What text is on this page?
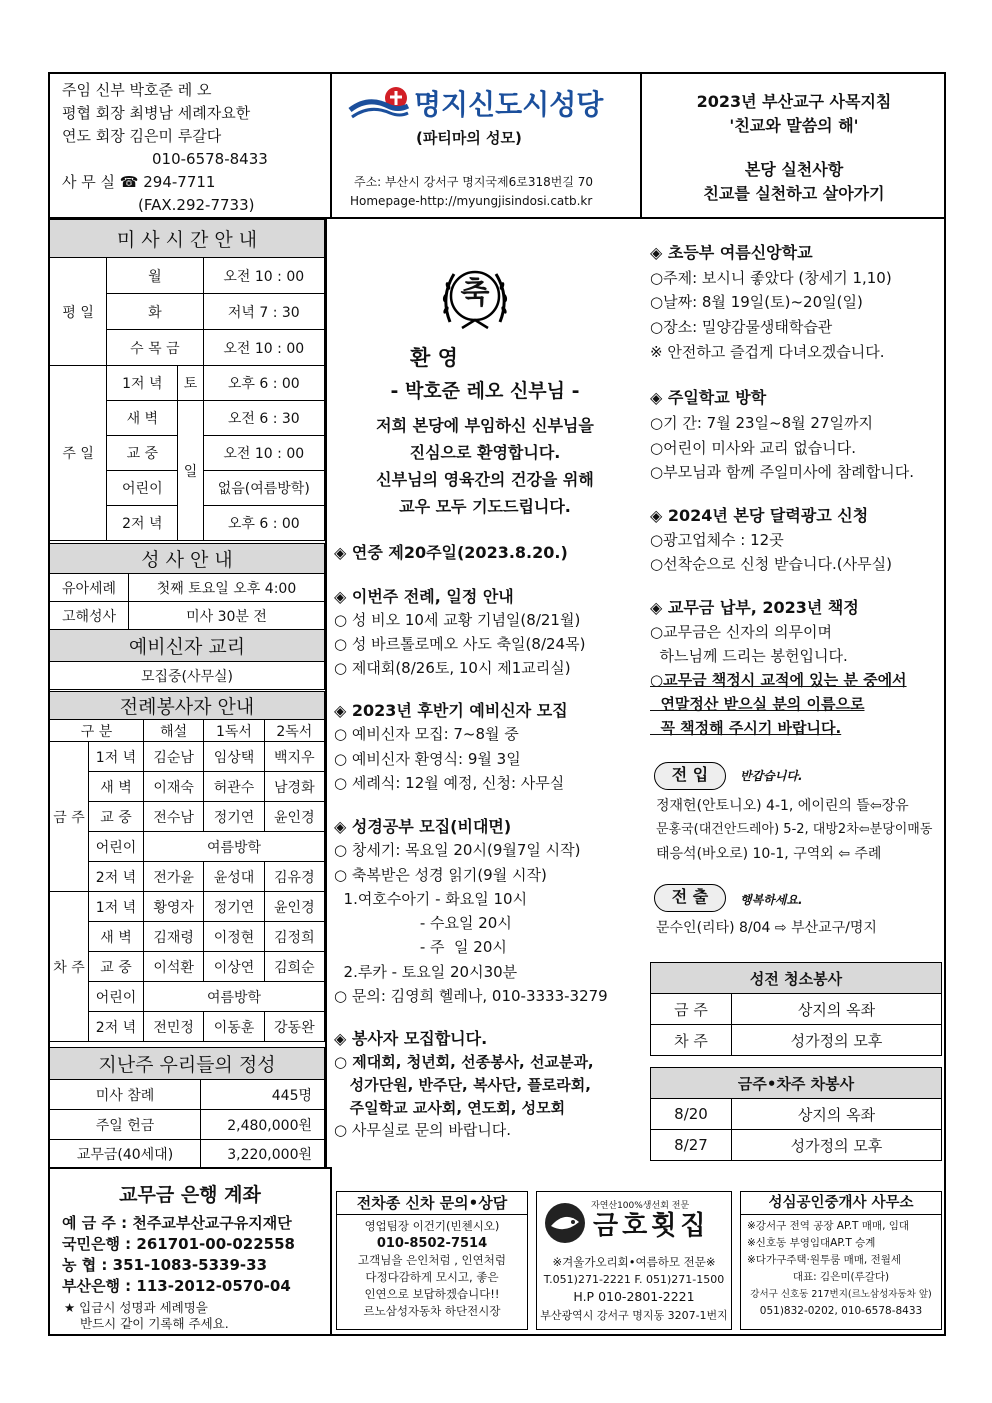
주임 신부 박호준 레 오
평협 회장 최병남 세례자요한
연도 회장 김은미 루갈다
010-6578-8433
사 무 실 ☎ 294-7711
(FAX.292-7733)
명지신도시성당
(파티마의 성모)
주소: 부산시 강서구 명지국제6로318번길 70
Homepage-http://myungjisindosi.catb.kr
2023년 부산교구 사목지침
'친교와 말씀의 해'
본당 실천사항
친교를 실천하고 살아가기
미 사 시 간 안 내			
평 일	월		오전 10 : 00
	화		저녁 7 : 30
	수 목 금		오전 10 : 00
주 일	1저 녁	토	오후 6 : 00
	새 벽	일	오전 6 : 30
	교 중		오전 10 : 00
	어린이		없음(여름방학)
	2저 녁		오후 6 : 00
성 사 안 내	
유아세례	첫째 토요일 오후 4:00
고해성사	미사 30분 전
예비신자 교리	
모집중(사무실)	
전례봉사자 안내				
구 분		해설	1독서	2독서
금 주	1저 녁	김순남	임상택	백지우
	새 벽	이재숙	허관수	남경화
	교 중	전수남	정기연	윤인경
	어린이	여름방학		
	2저 녁	전가윤	윤성대	김유경
차 주	1저 녁	황영자	정기연	윤인경
	새 벽	김재령	이정현	김정희
	교 중	이석환	이상연	김희순
	어린이	여름방학		
	2저 녁	전민정	이동훈	강동완
지난주 우리들의 정성	
미사 참례	445명
주일 헌금	2,480,000원
교무금(40세대)	3,220,000원
교무금 은행 계좌
예 금 주 : 천주교부산교구유지재단
국민은행 : 261701-00-022558
농 협 : 351-1083-5339-33
부산은행 : 113-2012-0570-04
★ 입금시 성명과 세례명을
반드시 같이 기록해 주세요.
축
환 영
- 박호준 레오 신부님 -
저희 본당에 부임하신 신부님을
진심으로 환영합니다.
신부님의 영육간의 건강을 위해
교우 모두 기도드립니다.
◈ 연중 제20주일(2023.8.20.)
◈ 이번주 전례, 일정 안내
○ 성 비오 10세 교황 기념일(8/21월)
○ 성 바르톨로메오 사도 축일(8/24목)
○ 제대회(8/26토, 10시 제1교리실)
◈ 2023년 후반기 예비신자 모집
○ 예비신자 모집: 7~8월 중
○ 예비신자 환영식: 9월 3일
○ 세례식: 12월 예정, 신청: 사무실
◈ 성경공부 모집(비대면)
○ 창세기: 목요일 20시(9월7일 시작)
○ 축복받은 성경 읽기(9월 시작)
1.여호수아기 - 화요일 10시
- 수요일 20시
- 주  일 20시
2.루카 - 토요일 20시30분
○ 문의: 김영희 헬레나, 010-3333-3279
◈ 봉사자 모집합니다.
○ 제대회, 청년회, 선종봉사, 선교분과,
성가단원, 반주단, 복사단, 플로라회,
주일학교 교사회, 연도회, 성모회
○ 사무실로 문의 바랍니다.
◈ 초등부 여름신앙학교
○주제: 보시니 좋았다 (창세기 1,10)
○날짜: 8월 19일(토)~20일(일)
○장소: 밀양감물생태학습관
※ 안전하고 즐겁게 다녀오겠습니다.
◈ 주일학교 방학
○기 간: 7월 23일~8월 27일까지
○어린이 미사와 교리 없습니다.
○부모님과 함께 주일미사에 참례합니다.
◈ 2024년 본당 달력광고 신청
○광고업체수 : 12곳
○선착순으로 신청 받습니다.(사무실)
◈ 교무금 납부, 2023년 책정
○교무금은 신자의 의무이며
하느님께 드리는 봉헌입니다.
○교무금 책정시 교적에 있는 분 중에서
연말정산 받으실 분의 이름으로
꼭 책정해 주시기 바랍니다.
전 입	반갑습니다.
정재헌(안토니오) 4-1, 에이린의 뜰⇦장유
문홍국(대건안드레아) 5-2, 대방2차⇦분당이매동
태응석(바오로) 10-1, 구역외 ⇦ 주례
전 출	행복하세요.
문수인(리타) 8/04 ⇨ 부산교구/명지
성전 청소봉사	
금 주	상지의 옥좌
차 주	성가정의 모후
금주•차주 차봉사	
8/20	상지의 옥좌
8/27	성가정의 모후
전차종 신차 문의•상담
영업팀장 이건기(빈첸시오)
010-8502-7514
고객님을 은인처럼 , 인연처럼
다정다감하게 모시고, 좋은
인연으로 보답하겠습니다!!
르노삼성자동차 하단전시장
자연산100%생선회 전문
금호횟집
※겨울가오리회•여름하모 전문※
T.051)271-2221 F. 051)271-1500
H.P 010-2801-2221
부산광역시 강서구 명지동 3207-1번지
성심공인중개사 사무소
※강서구 전역 공장 AP.T 매매, 임대
※신호동 부영임대AP.T 승계
※다가구주택·원투룸 매매, 전월세
대표: 김은미(루갈다)
강서구 신호동 217번지(르노삼성자동차 앞)
051)832-0202, 010-6578-8433
